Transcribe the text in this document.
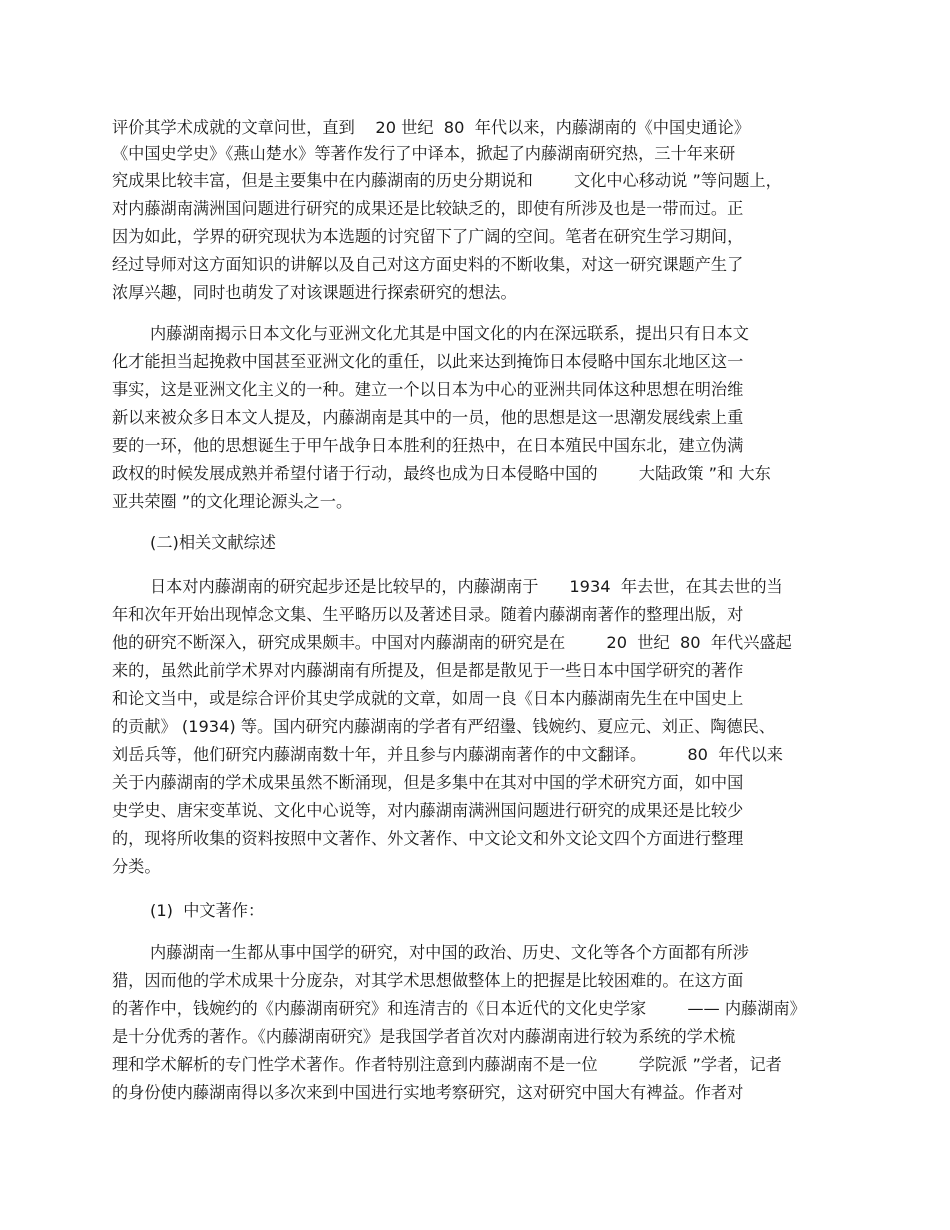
评价其学术成就的文章问世，直到    20 世纪  80  年代以来，内藤湖南的《中国史通论》
《中国史学史》《燕山楚水》等著作发行了中译本，掀起了内藤湖南研究热，三十年来研
究成果比较丰富，但是主要集中在内藤湖南的历史分期说和        文化中心移动说 ”等问题上，
对内藤湖南满洲国问题进行研究的成果还是比较缺乏的，即使有所涉及也是一带而过。正
因为如此，学界的研究现状为本选题的讨究留下了广阔的空间。笔者在研究生学习期间，
经过导师对这方面知识的讲解以及自己对这方面史料的不断收集，对这一研究课题产生了
浓厚兴趣，同时也萌发了对该课题进行探索研究的想法。
内藤湖南揭示日本文化与亚洲文化尤其是中国文化的内在深远联系，提出只有日本文
化才能担当起挽救中国甚至亚洲文化的重任，以此来达到掩饰日本侵略中国东北地区这一
事实，这是亚洲文化主义的一种。建立一个以日本为中心的亚洲共同体这种思想在明治维
新以来被众多日本文人提及，内藤湖南是其中的一员，他的思想是这一思潮发展线索上重
要的一环，他的思想诞生于甲午战争日本胜利的狂热中，在日本殖民中国东北，建立伪满
政权的时候发展成熟并希望付诸于行动，最终也成为日本侵略中国的        大陆政策 ”和 大东
亚共荣圈 ”的文化理论源头之一。
(二)相关文献综述
日本对内藤湖南的研究起步还是比较早的，内藤湖南于      1934  年去世，在其去世的当
年和次年开始出现悼念文集、生平略历以及著述目录。随着内藤湖南著作的整理出版，对
他的研究不断深入，研究成果颇丰。中国对内藤湖南的研究是在        20  世纪  80  年代兴盛起
来的，虽然此前学术界对内藤湖南有所提及，但是都是散见于一些日本中国学研究的著作
和论文当中，或是综合评价其史学成就的文章，如周一良《日本内藤湖南先生在中国史上
的贡献》 (1934) 等。国内研究内藤湖南的学者有严绍璗、钱婉约、夏应元、刘正、陶德民、
刘岳兵等，他们研究内藤湖南数十年，并且参与内藤湖南著作的中文翻译。        80  年代以来
关于内藤湖南的学术成果虽然不断涌现，但是多集中在其对中国的学术研究方面，如中国
史学史、唐宋变革说、文化中心说等，对内藤湖南满洲国问题进行研究的成果还是比较少
的，现将所收集的资料按照中文著作、外文著作、中文论文和外文论文四个方面进行整理
分类。
(1)  中文著作：
内藤湖南一生都从事中国学的研究，对中国的政治、历史、文化等各个方面都有所涉
猎，因而他的学术成果十分庞杂，对其学术思想做整体上的把握是比较困难的。在这方面
的著作中，钱婉约的《内藤湖南研究》和连清吉的《日本近代的文化史学家        —— 内藤湖南》
是十分优秀的著作。《内藤湖南研究》是我国学者首次对内藤湖南进行较为系统的学术梳
理和学术解析的专门性学术著作。作者特别注意到内藤湖南不是一位        学院派 ”学者，记者
的身份使内藤湖南得以多次来到中国进行实地考察研究，这对研究中国大有裨益。作者对
